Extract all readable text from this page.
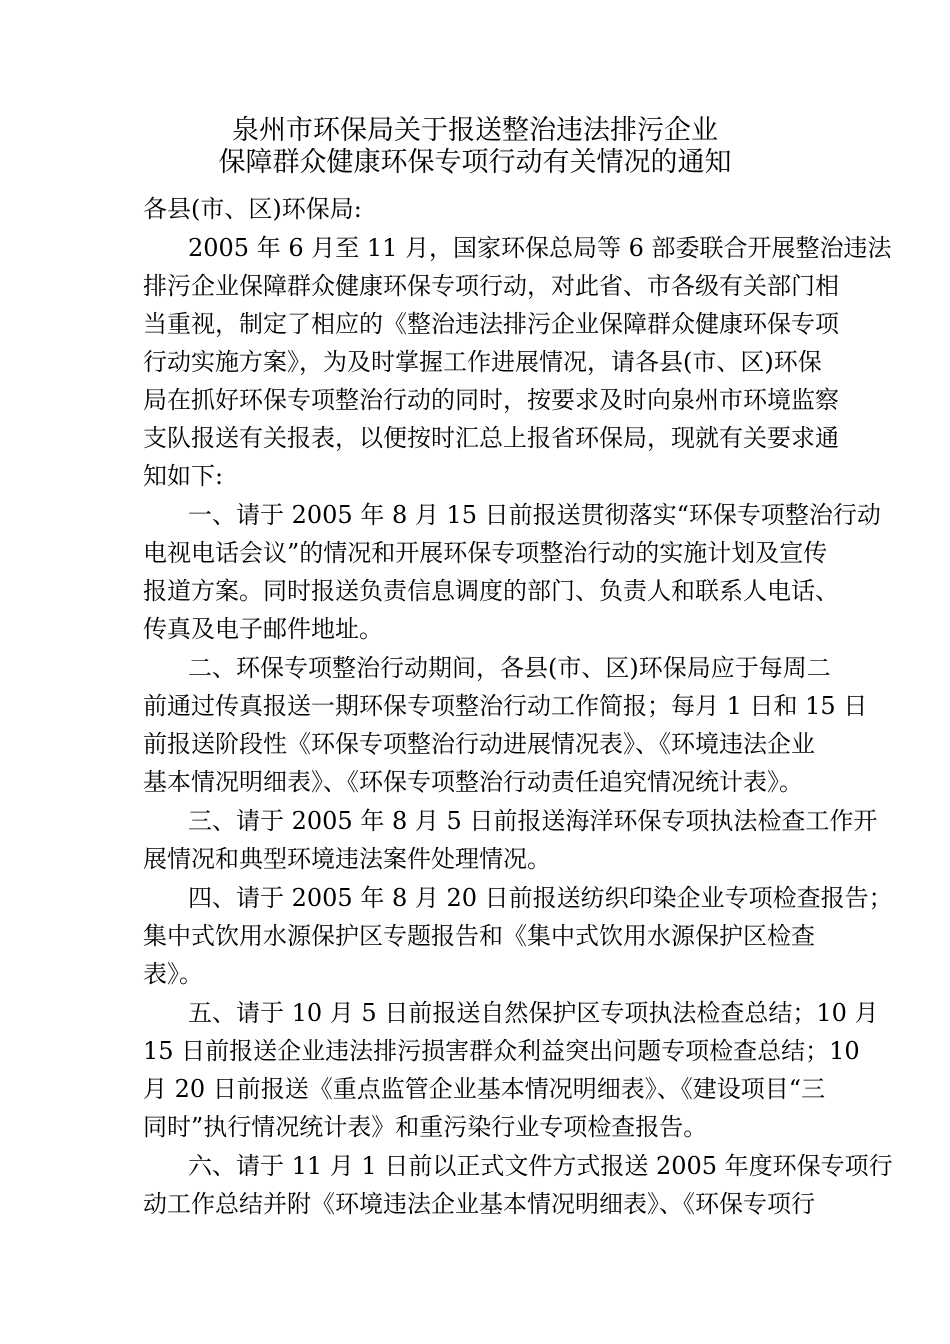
泉州市环保局关于报送整治违法排污企业
保障群众健康环保专项行动有关情况的通知
各县(市、区)环保局:
2005 年 6 月至 11 月，国家环保总局等 6 部委联合开展整治违法
排污企业保障群众健康环保专项行动，对此省、市各级有关部门相
当重视，制定了相应的《整治违法排污企业保障群众健康环保专项
行动实施方案》，为及时掌握工作进展情况，请各县(市、区)环保
局在抓好环保专项整治行动的同时，按要求及时向泉州市环境监察
支队报送有关报表，以便按时汇总上报省环保局，现就有关要求通
知如下:
一、请于 2005 年 8 月 15 日前报送贯彻落实“环保专项整治行动
电视电话会议”的情况和开展环保专项整治行动的实施计划及宣传
报道方案。同时报送负责信息调度的部门、负责人和联系人电话、
传真及电子邮件地址。
二、环保专项整治行动期间，各县(市、区)环保局应于每周二
前通过传真报送一期环保专项整治行动工作简报；每月 1 日和 15 日
前报送阶段性《环保专项整治行动进展情况表》、《环境违法企业
基本情况明细表》、《环保专项整治行动责任追究情况统计表》。
三、请于 2005 年 8 月 5 日前报送海洋环保专项执法检查工作开
展情况和典型环境违法案件处理情况。
四、请于 2005 年 8 月 20 日前报送纺织印染企业专项检查报告；
集中式饮用水源保护区专题报告和《集中式饮用水源保护区检查
表》。
五、请于 10 月 5 日前报送自然保护区专项执法检查总结；10 月
15 日前报送企业违法排污损害群众利益突出问题专项检查总结；10
月 20 日前报送《重点监管企业基本情况明细表》、《建设项目“三
同时”执行情况统计表》和重污染行业专项检查报告。
六、请于 11 月 1 日前以正式文件方式报送 2005 年度环保专项行
动工作总结并附《环境违法企业基本情况明细表》、《环保专项行
